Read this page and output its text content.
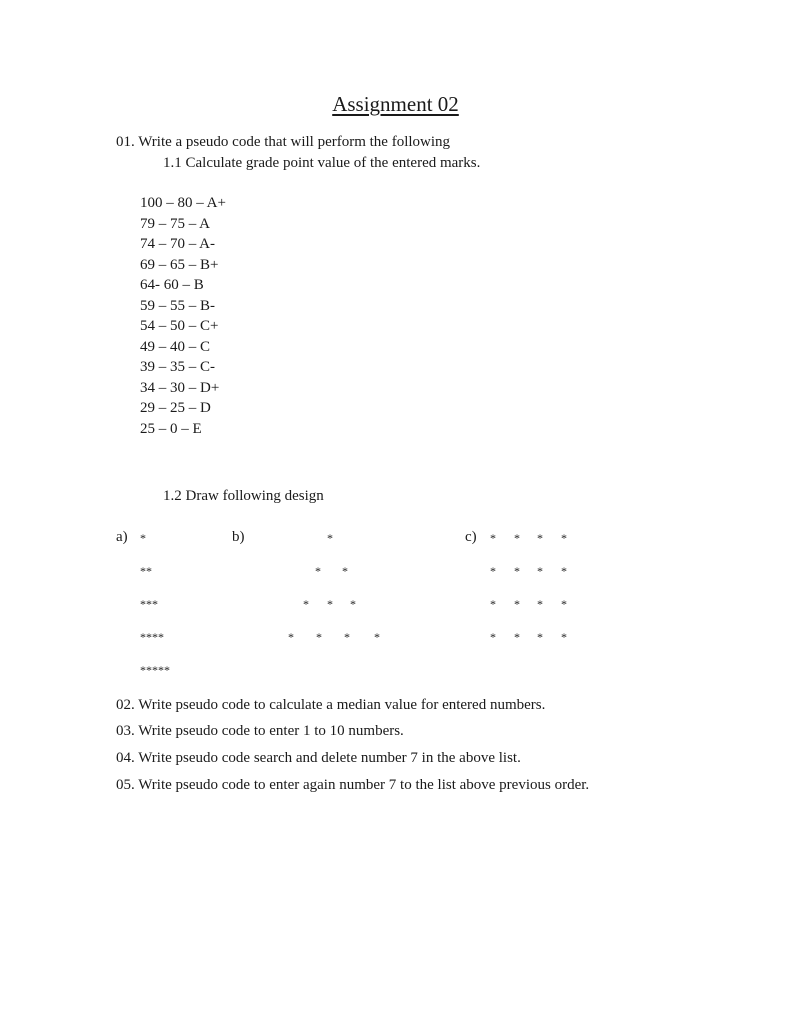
Assignment 02
01. Write a pseudo code that will perform the following
1.1 Calculate grade point value of the entered marks.
100 – 80 – A+
79 – 75 – A
74 – 70 – A-
69 – 65 – B+
64- 60 – B
59 – 55 – B-
54 – 50 – C+
49 – 40 – C
39 – 35 – C-
34 – 30 – D+
29 – 25 – D
25 – 0 – E
1.2 Draw following design
a) *
**
***
****
*****
b)	*
* *
* * *
* * * *
c) * * * *
* * * *
* * * *
* * * *
02. Write pseudo code to calculate a median value for entered numbers.
03. Write pseudo code to enter 1 to 10 numbers.
04. Write pseudo code search and delete number 7 in the above list.
05. Write pseudo code to enter again number 7 to the list above previous order.
